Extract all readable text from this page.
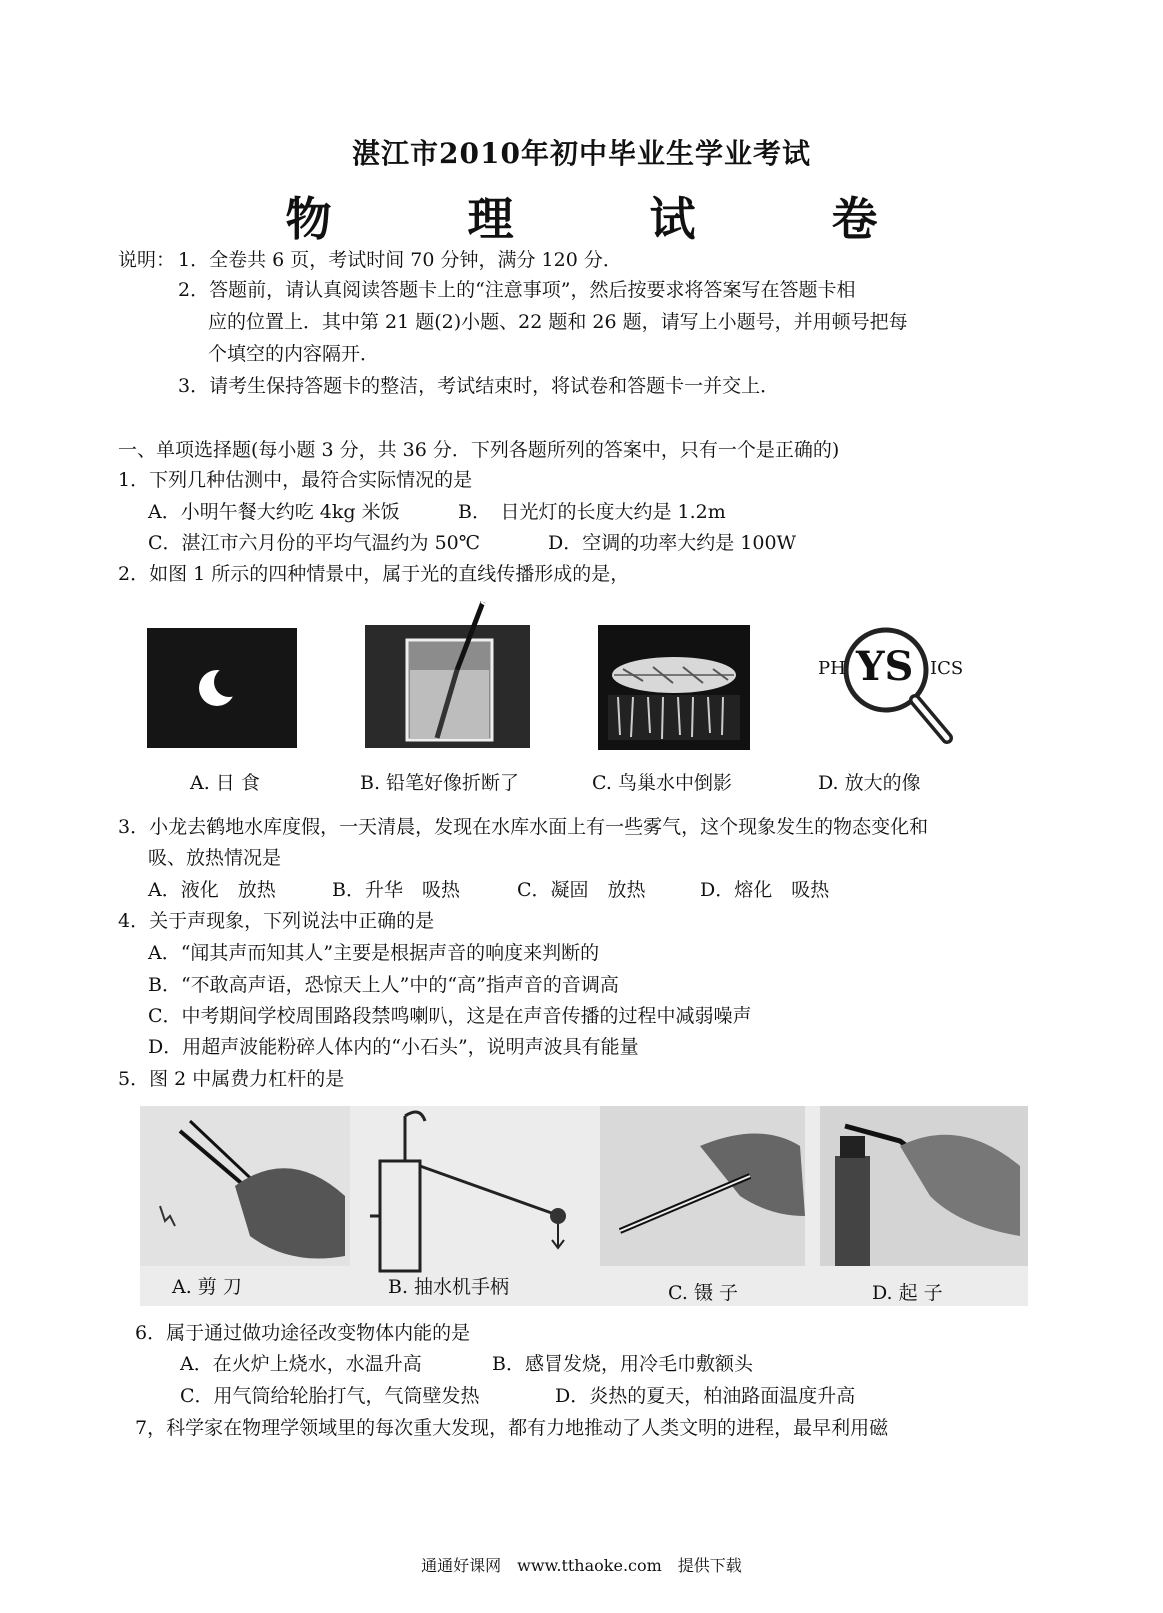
湛江市2010年初中毕业生学业考试
物 理 试 卷
说明： 1．全卷共 6 页，考试时间 70 分钟，满分 120 分．
2．答题前，请认真阅读答题卡上的“注意事项”，然后按要求将答案写在答题卡相
应的位置上．其中第 21 题(2)小题、22 题和 26 题，请写上小题号，并用顿号把每
个填空的内容隔开．
3．请考生保持答题卡的整洁，考试结束时，将试卷和答题卡一并交上．
一、单项选择题(每小题 3 分，共 36 分．下列各题所列的答案中，只有一个是正确的)
1．下列几种估测中，最符合实际情况的是
A．小明午餐大约吃 4kg 米饭	B．　日光灯的长度大约是 1.2m
C．湛江市六月份的平均气温约为 50℃	D．空调的功率大约是 100W
2．如图 1 所示的四种情景中，属于光的直线传播形成的是，
PH YS ICS
A. 日 食	B. 铅笔好像折断了	C. 鸟巢水中倒影	D. 放大的像
3．小龙去鹤地水库度假，一天清晨，发现在水库水面上有一些雾气，这个现象发生的物态变化和
吸、放热情况是
A．液化　放热	B．升华　吸热	C．凝固　放热	D．熔化　吸热
4．关于声现象，下列说法中正确的是
A．“闻其声而知其人”主要是根据声音的响度来判断的
B．“不敢高声语，恐惊天上人”中的“高”指声音的音调高
C．中考期间学校周围路段禁鸣喇叭，这是在声音传播的过程中减弱噪声
D．用超声波能粉碎人体内的“小石头”，说明声波具有能量
5．图 2 中属费力杠杆的是
A. 剪 刀	B. 抽水机手柄	C. 镊 子	D. 起 子
6．属于通过做功途径改变物体内能的是
A．在火炉上烧水，水温升高	B．感冒发烧，用冷毛巾敷额头
C．用气筒给轮胎打气，气筒壁发热	D．炎热的夏天，柏油路面温度升高
7，科学家在物理学领域里的每次重大发现，都有力地推动了人类文明的进程，最早利用磁
通通好课网　www.tthaoke.com　提供下载
